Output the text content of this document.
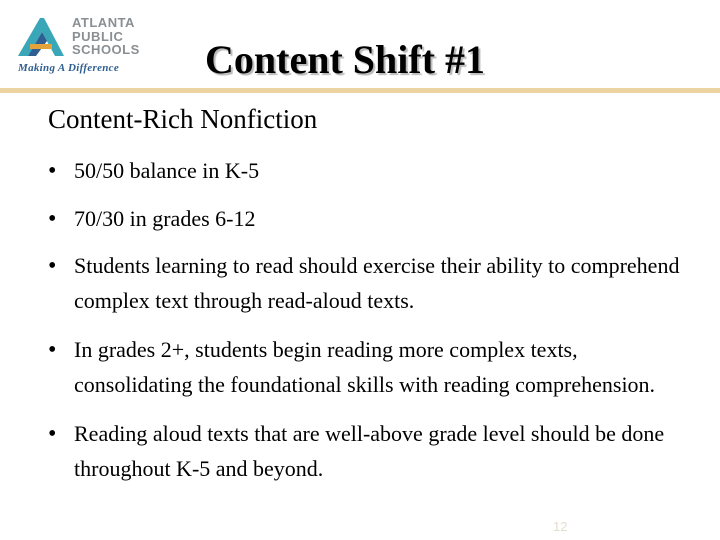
ATLANTA
PUBLIC
SCHOOLS
Making A Difference Content Shift #1
Content-Rich Nonfiction
• 50/50 balance in K-5
• 70/30 in grades 6-12
• Students learning to read should exercise their ability to comprehend complex text through read-aloud texts.
• In grades 2+, students begin reading more complex texts, consolidating the foundational skills with reading comprehension.
• Reading aloud texts that are well-above grade level should be done throughout K-5 and beyond.
12
